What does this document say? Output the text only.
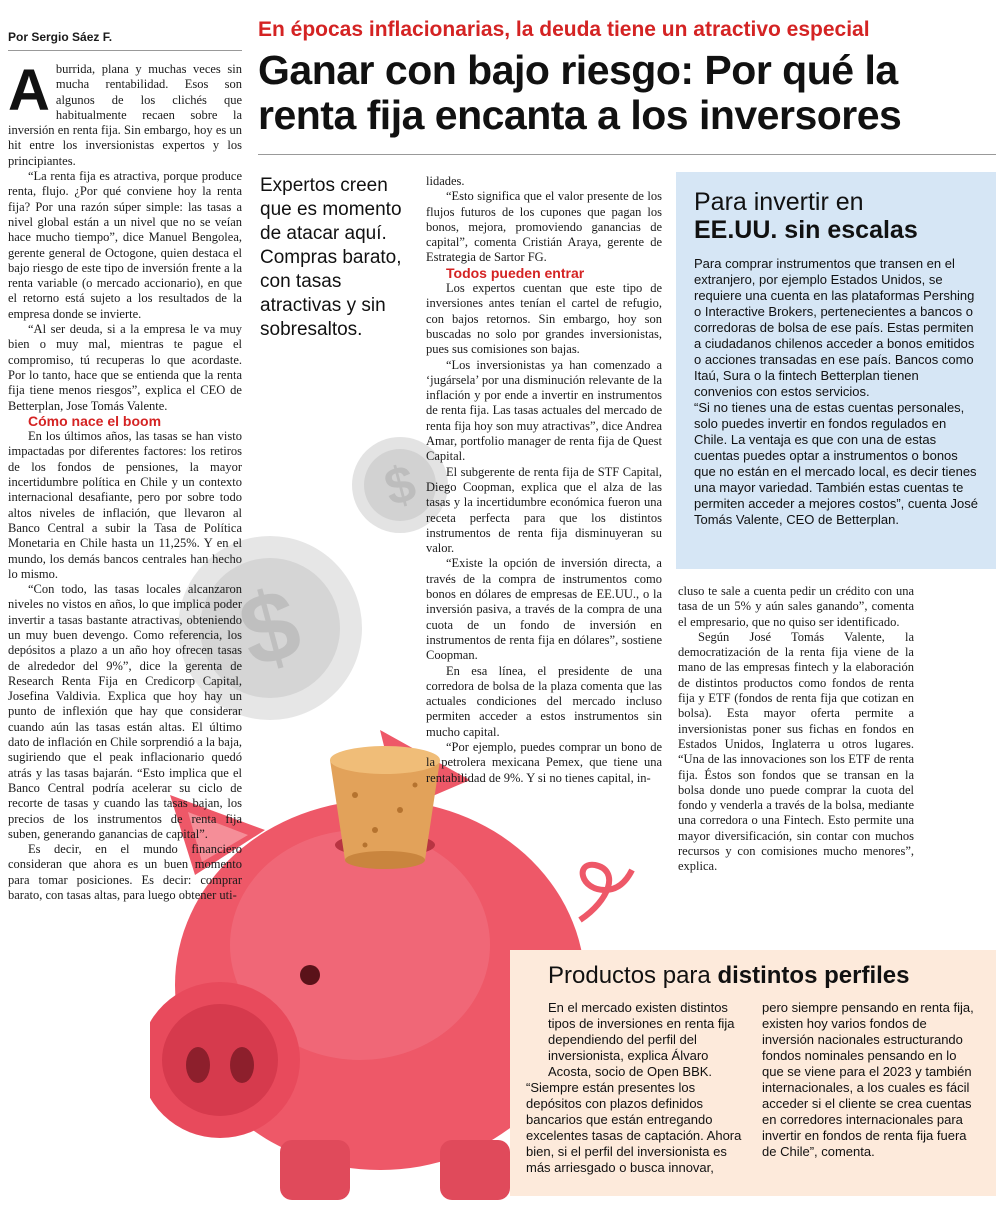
$
$
Por Sergio Sáez F.	En épocas inflacionarias, la deuda tiene un atractivo especial
Ganar con bajo riesgo: Por qué la renta fija encanta a los inversores
Expertos creen que es momento de atacar aquí. Compras barato, con tasas atractivas y sin sobresaltos.

Aburrida, plana y muchas veces sin mucha rentabilidad. Esos son algunos de los clichés que habitualmente recaen sobre la inversión en renta fija. Sin embargo, hoy es un hit entre los inversionistas expertos y los principiantes.

“La renta fija es atractiva, porque produce renta, flujo. ¿Por qué conviene hoy la renta fija? Por una razón súper simple: las tasas a nivel global están a un nivel que no se veían hace mucho tiempo”, dice Manuel Bengolea, gerente general de Octogone, quien destaca el bajo riesgo de este tipo de inversión frente a la renta variable (o mercado accionario), en que el retorno está sujeto a los resultados de la empresa donde se invierte.

“Al ser deuda, si a la empresa le va muy bien o muy mal, mientras te pague el compromiso, tú recuperas lo que acordaste. Por lo tanto, hace que se entienda que la renta fija tiene menos riesgos”, explica el CEO de Betterplan, Jose Tomás Valente.

Cómo nace el boom

En los últimos años, las tasas se han visto impactadas por diferentes factores: los retiros de los fondos de pensiones, la mayor incertidumbre política en Chile y un contexto internacional desafiante, pero por sobre todo altos niveles de inflación, que llevaron al Banco Central a subir la Tasa de Política Monetaria en Chile hasta un 11,25%. Y en el mundo, los demás bancos centrales han hecho lo mismo.

“Con todo, las tasas locales alcanzaron niveles no vistos en años, lo que implica poder invertir a tasas bastante atractivas, obteniendo un muy buen devengo. Como referencia, los depósitos a plazo a un año hoy ofrecen tasas de alrededor del 9%”, dice la gerenta de Research Renta Fija en Credicorp Capital, Josefina Valdivia. Explica que hoy hay un punto de inflexión que hay que considerar cuando aún las tasas están altas. El último dato de inflación en Chile sorprendió a la baja, sugiriendo que el peak inflacionario quedó atrás y las tasas bajarán. “Esto implica que el Banco Central podría acelerar su ciclo de recorte de tasas y cuando las tasas bajan, los precios de los instrumentos de renta fija suben, generando ganancias de capital”.

Es decir, en el mundo financiero consideran que ahora es un buen momento para tomar posiciones. Es decir: comprar barato, con tasas altas, para luego obtener uti-

lidades.

“Esto significa que el valor presente de los flujos futuros de los cupones que pagan los bonos, mejora, promoviendo ganancias de capital”, comenta Cristián Araya, gerente de Estrategia de Sartor FG.

Todos pueden entrar

Los expertos cuentan que este tipo de inversiones antes tenían el cartel de refugio, con bajos retornos. Sin embargo, hoy son buscadas no solo por grandes inversionistas, pues sus comisiones son bajas.

“Los inversionistas ya han comenzado a ‘jugársela’ por una disminución relevante de la inflación y por ende a invertir en instrumentos de renta fija. Las tasas actuales del mercado de renta fija hoy son muy atractivas”, dice Andrea Amar, portfolio manager de renta fija de Quest Capital.

El subgerente de renta fija de STF Capital, Diego Coopman, explica que el alza de las tasas y la incertidumbre económica fueron una receta perfecta para que los distintos instrumentos de renta fija disminuyeran su valor.

“Existe la opción de inversión directa, a través de la compra de instrumentos como bonos en dólares de empresas de EE.UU., o la inversión pasiva, a través de la compra de una cuota de un fondo de inversión en instrumentos de renta fija en dólares”, sostiene Coopman.

En esa línea, el presidente de una corredora de bolsa de la plaza comenta que las actuales condiciones del mercado incluso permiten acceder a estos instrumentos sin mucho capital.

“Por ejemplo, puedes comprar un bono de la petrolera mexicana Pemex, que tiene una rentabilidad de 9%. Y si no tienes capital, in-

cluso te sale a cuenta pedir un crédito con una tasa de un 5% y aún sales ganando”, comenta el empresario, que no quiso ser identificado.

Según José Tomás Valente, la democratización de la renta fija viene de la mano de las empresas fintech y la elaboración de distintos productos como fondos de renta fija y ETF (fondos de renta fija que cotizan en bolsa). Esta mayor oferta permite a inversionistas poner sus fichas en fondos en Estados Unidos, Inglaterra u otros lugares. “Una de las innovaciones son los ETF de renta fija. Éstos son fondos que se transan en la bolsa donde uno puede comprar la cuota del fondo y venderla a través de la bolsa, mediante una corredora o una Fintech. Esto permite una mayor diversificación, sin contar con muchos recursos y con comisiones mucho menores”, explica.

Para invertir en
EE.UU. sin escalas

Para comprar instrumentos que transen en el extranjero, por ejemplo Estados Unidos, se requiere una cuenta en las plataformas Pershing o Interactive Brokers, pertenecientes a bancos o corredoras de bolsa de ese país. Estas permiten a ciudadanos chilenos acceder a bonos emitidos o acciones transadas en ese país. Bancos como Itaú, Sura o la fintech Betterplan tienen convenios con estos servicios.

“Si no tienes una de estas cuentas personales, solo puedes invertir en fondos regulados en Chile. La ventaja es que con una de estas cuentas puedes optar a instrumentos o bonos que no están en el mercado local, es decir tienes una mayor variedad. También estas cuentas te permiten acceder a mejores costos”, cuenta José Tomás Valente, CEO de Betterplan.

Productos para distintos perfiles

En el mercado existen distintos tipos de inversiones en renta fija dependiendo del perfil del inversionista, explica Álvaro Acosta, socio de Open BBK.

“Siempre están presentes los depósitos con plazos definidos bancarios que están entregando excelentes tasas de captación. Ahora bien, si el perfil del inversionista es más arriesgado o busca innovar,

pero siempre pensando en renta fija, existen hoy varios fondos de inversión nacionales estructurando fondos nominales pensando en lo que se viene para el 2023 y también internacionales, a los cuales es fácil acceder si el cliente se crea cuentas en corredores internacionales para invertir en fondos de renta fija fuera de Chile”, comenta.
